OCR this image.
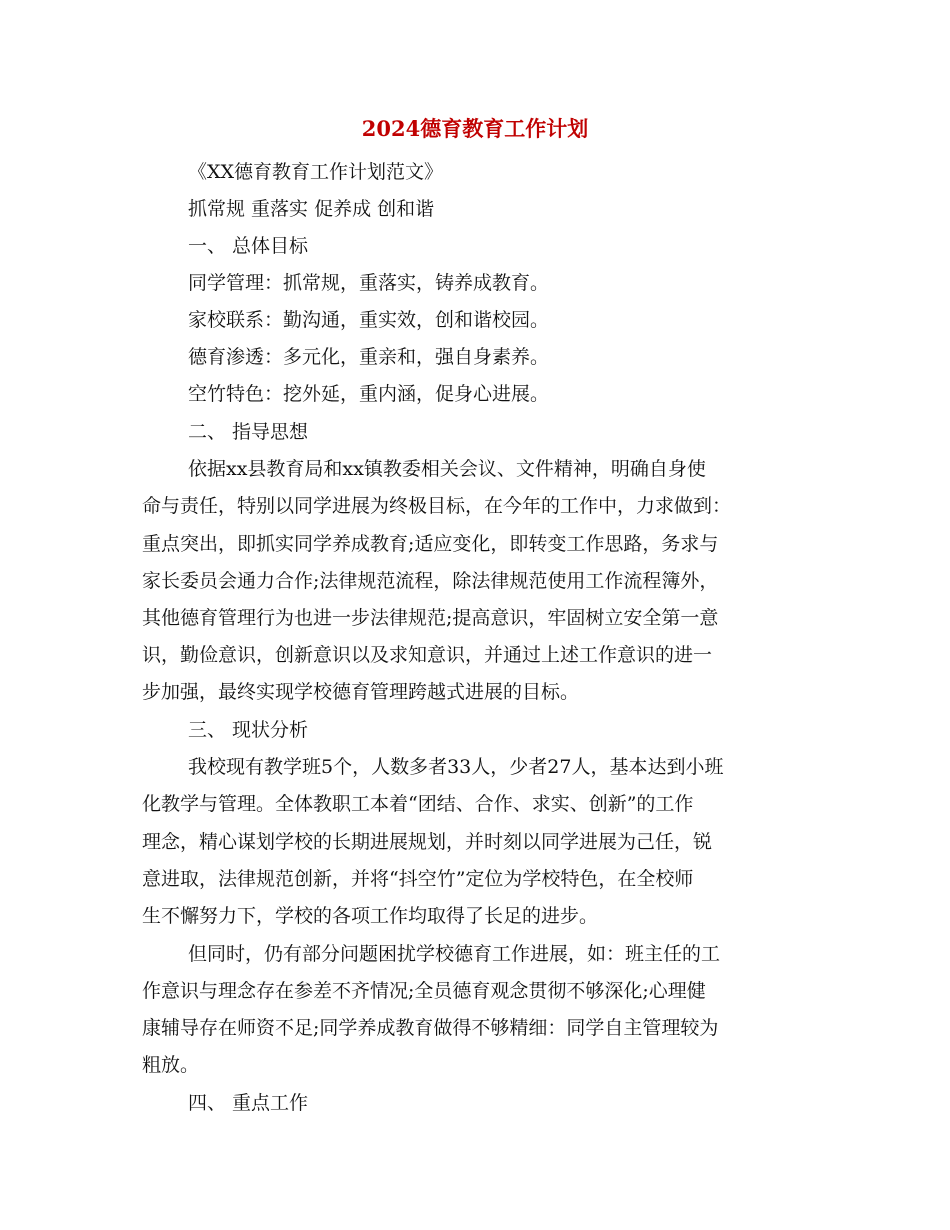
2024德育教育工作计划
《XX德育教育工作计划范文》
抓常规 重落实 促养成 创和谐
一、 总体目标
同学管理：抓常规，重落实，铸养成教育。
家校联系：勤沟通，重实效，创和谐校园。
德育渗透：多元化，重亲和，强自身素养。
空竹特色：挖外延，重内涵，促身心进展。
二、 指导思想
依据xx县教育局和xx镇教委相关会议、文件精神，明确自身使
命与责任，特别以同学进展为终极目标，在今年的工作中，力求做到：
重点突出，即抓实同学养成教育;适应变化，即转变工作思路，务求与
家长委员会通力合作;法律规范流程，除法律规范使用工作流程簿外，
其他德育管理行为也进一步法律规范;提高意识，牢固树立安全第一意
识，勤俭意识，创新意识以及求知意识，并通过上述工作意识的进一
步加强，最终实现学校德育管理跨越式进展的目标。
三、 现状分析
我校现有教学班5个，人数多者33人，少者27人，基本达到小班
化教学与管理。全体教职工本着“团结、合作、求实、创新”的工作
理念，精心谋划学校的长期进展规划，并时刻以同学进展为己任，锐
意进取，法律规范创新，并将“抖空竹”定位为学校特色，在全校师
生不懈努力下，学校的各项工作均取得了长足的进步。
但同时，仍有部分问题困扰学校德育工作进展，如：班主任的工
作意识与理念存在参差不齐情况;全员德育观念贯彻不够深化;心理健
康辅导存在师资不足;同学养成教育做得不够精细：同学自主管理较为
粗放。
四、 重点工作
